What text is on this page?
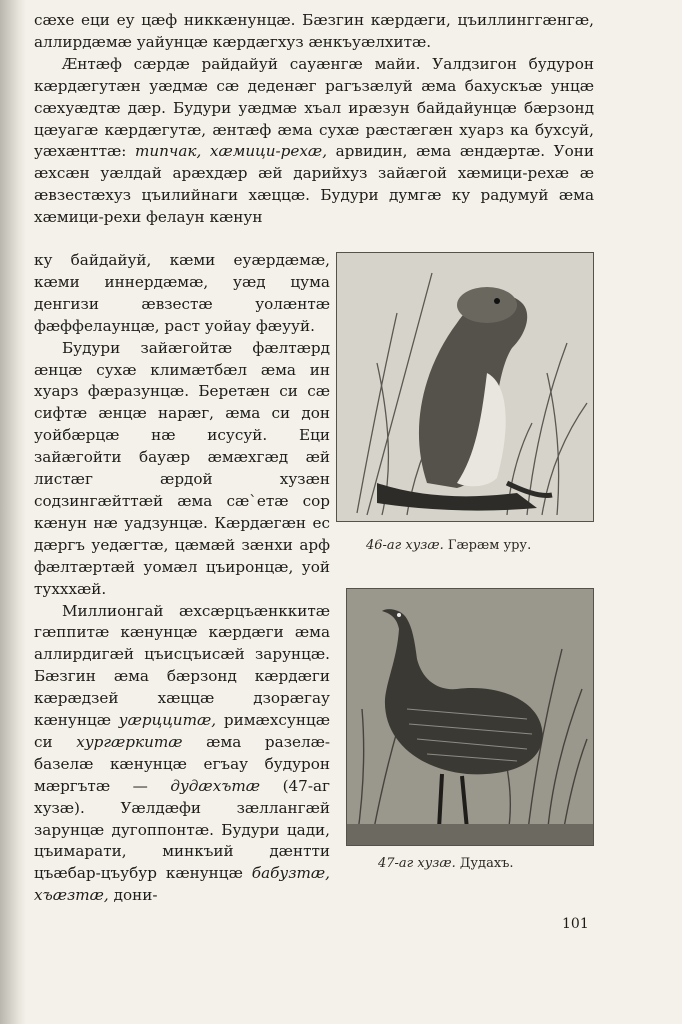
сæхе еци еу цæф никкæнунцæ. Бæзгин кæрдæги, цъиллинггæнгæ, аллирдæмæ уайунцæ кæрдæгхуз æнкъуæлхитæ.

Æнтæф сæрдæ райдайуй сауæнгæ майи. Уалдзигон будурон кæрдæгутæн уæдмæ сæ деденæг рагъзæлуй æма бахускъæ унцæ сæхуæдтæ дæр. Будури уæдмæ хъал ирæзун байдайунцæ бæрзонд цæуагæ кæрдæгутæ, æнтæф æма сухæ рæстæгæн хуарз ка бухсуй, уæхæнттæ: типчак, хæмици-рехæ, арвидин, æма æндæртæ. Уони æхсæн уæлдай арæхдæр æй дарийхуз зайæгой хæмици-рехæ æ æвзестæхуз цъилийнаги хæццæ. Будури думгæ ку радумуй æма хæмици-рехи фелаун кæнун

ку байдайуй, кæми еуæрдæмæ, кæми иннердæмæ, уæд цума денгизи æвзестæ уолæнтæ фæффелаунцæ, раст уойау фæууй.

Будури зайæгойтæ фæлтæрд æнцæ сухæ климæтбæл æма ин хуарз фæразунцæ. Беретæн си сæ сифтæ æнцæ нарæг, æма си дон уойбæрцæ нæ исусуй. Еци зайæгойти бауæр æмæхгæд æй листæг æрдой хузæн содзингæйттæй æма сæ`етæ сор кæнун нæ уадзунцæ. Кæрдæгæн ес дæргъ уедæгтæ, цæмæй зæнхи арф фæлтæртæй уомæл цъиронцæ, уой тухххæй.

Миллионгай æхсæрцъæнккитæ гæппитæ кæнунцæ кæрдæги æма аллирдигæй цъисцъисæй зарунцæ. Бæзгин æма бæрзонд кæрдæги кæрæдзей хæццæ дзорæгау кæнунцæ уæрццитæ, римæхсунцæ си хургæркитæ æма разелæ-базелæ кæнунцæ егъау будурон мæргътæ — дудæхътæ (47-аг хузæ). Уæлдæфи зæллангæй зарунцæ дугоппонтæ. Будури цади, цъимарати, минкъий дæнтти цъæбар-цъубур кæнунцæ бабузтæ, хъæзтæ, дони-

46-аг хузæ. Гæрæм уру.
47-аг хузæ. Дудахъ.
101
